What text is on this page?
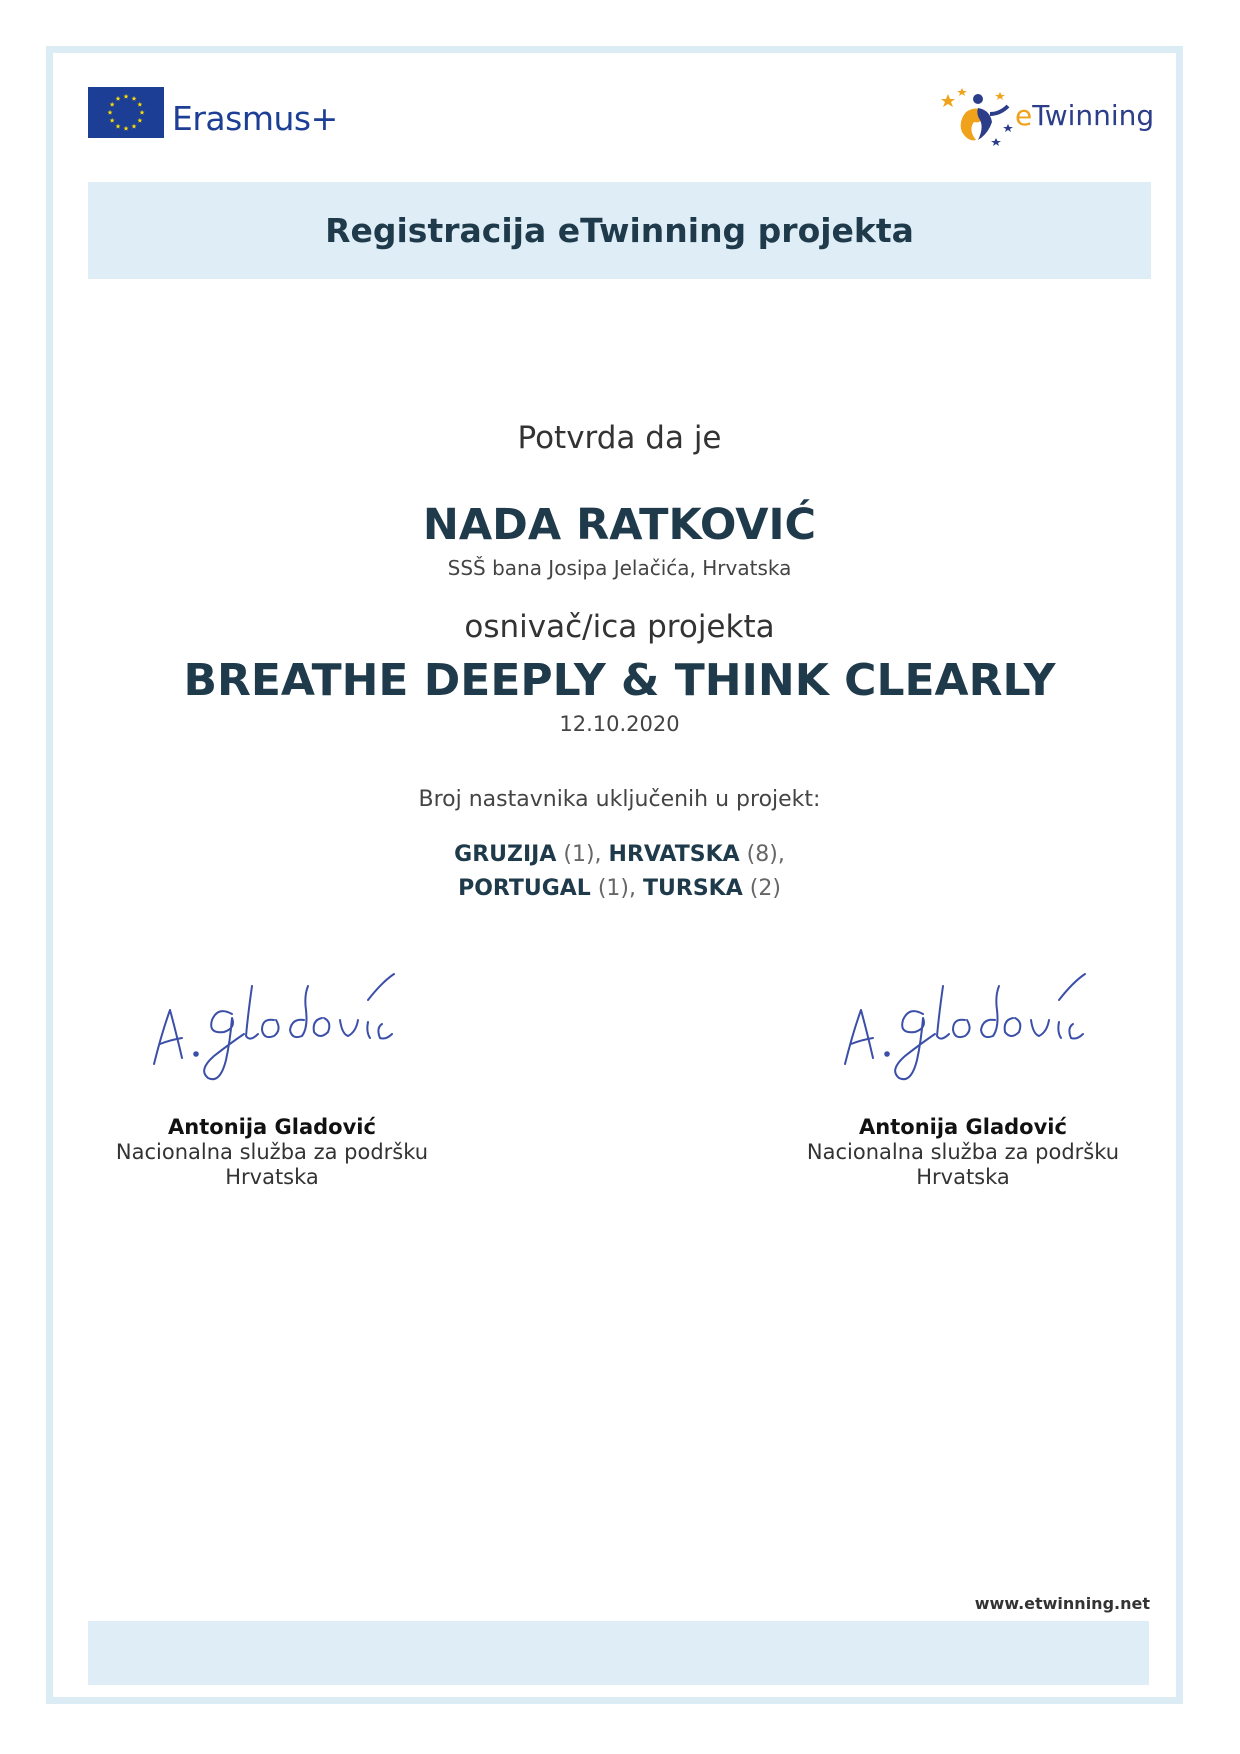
Erasmus+	eTwinning
Registracija eTwinning projekta
Potvrda da je
NADA RATKOVIĆ
SSŠ bana Josipa Jelačića, Hrvatska
osnivač/ica projekta
BREATHE DEEPLY & THINK CLEARLY
12.10.2020
Broj nastavnika uključenih u projekt:
GRUZIJA (1), HRVATSKA (8),
PORTUGAL (1), TURSKA (2)
Antonija Gladović
Nacionalna služba za podršku
Hrvatska
Antonija Gladović
Nacionalna služba za podršku
Hrvatska
www.etwinning.net
